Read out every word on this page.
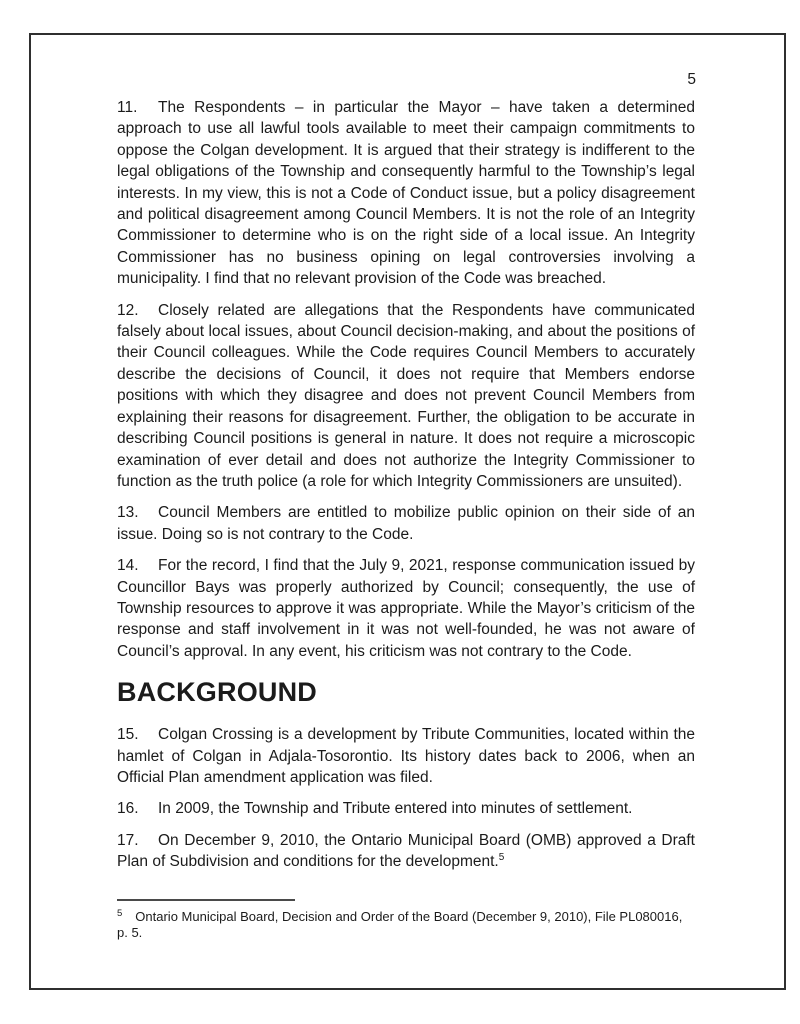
5

11. The Respondents – in particular the Mayor – have taken a determined approach to use all lawful tools available to meet their campaign commitments to oppose the Colgan development. It is argued that their strategy is indifferent to the legal obligations of the Township and consequently harmful to the Township’s legal interests. In my view, this is not a Code of Conduct issue, but a policy disagreement and political disagreement among Council Members. It is not the role of an Integrity Commissioner to determine who is on the right side of a local issue. An Integrity Commissioner has no business opining on legal controversies involving a municipality. I find that no relevant provision of the Code was breached.

12. Closely related are allegations that the Respondents have communicated falsely about local issues, about Council decision-making, and about the positions of their Council colleagues. While the Code requires Council Members to accurately describe the decisions of Council, it does not require that Members endorse positions with which they disagree and does not prevent Council Members from explaining their reasons for disagreement. Further, the obligation to be accurate in describing Council positions is general in nature. It does not require a microscopic examination of ever detail and does not authorize the Integrity Commissioner to function as the truth police (a role for which Integrity Commissioners are unsuited).

13. Council Members are entitled to mobilize public opinion on their side of an issue. Doing so is not contrary to the Code.

14. For the record, I find that the July 9, 2021, response communication issued by Councillor Bays was properly authorized by Council; consequently, the use of Township resources to approve it was appropriate. While the Mayor’s criticism of the response and staff involvement in it was not well-founded, he was not aware of Council’s approval. In any event, his criticism was not contrary to the Code.

BACKGROUND

15. Colgan Crossing is a development by Tribute Communities, located within the hamlet of Colgan in Adjala-Tosorontio. Its history dates back to 2006, when an Official Plan amendment application was filed.

16. In 2009, the Township and Tribute entered into minutes of settlement.

17. On December 9, 2010, the Ontario Municipal Board (OMB) approved a Draft Plan of Subdivision and conditions for the development.$^5$

$^5$ Ontario Municipal Board, Decision and Order of the Board (December 9, 2010), File PL080016, p. 5.
